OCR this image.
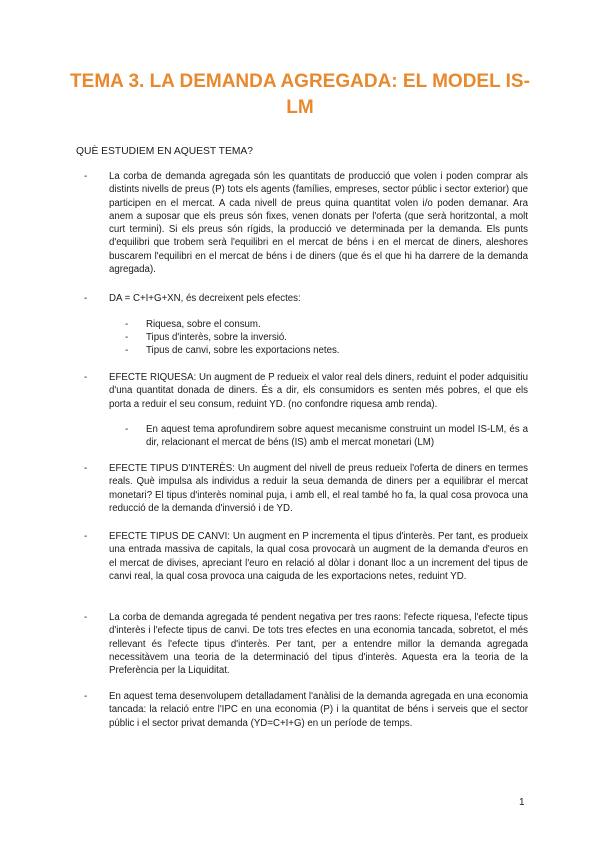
TEMA 3. LA DEMANDA AGREGADA: EL MODEL IS-LM
QUÈ ESTUDIEM EN AQUEST TEMA?
- La corba de demanda agregada són les quantitats de producció que volen i poden comprar als distints nivells de preus (P) tots els agents (famílies, empreses, sector públic i sector exterior) que participen en el mercat. A cada nivell de preus quina quantitat volen i/o poden demanar. Ara anem a suposar que els preus són fixes, venen donats per l'oferta (que serà horitzontal, a molt curt termini). Si els preus són rígids, la producció ve determinada per la demanda. Els punts d'equilibri que trobem serà l'equilibri en el mercat de béns i en el mercat de diners, aleshores buscarem l'equilibri en el mercat de béns i de diners (que és el que hi ha darrere de la demanda agregada).
- DA = C+I+G+XN, és decreixent pels efectes:
- Riquesa, sobre el consum.
- Tipus d'interès, sobre la inversió.
- Tipus de canvi, sobre les exportacions netes.
- EFECTE RIQUESA: Un augment de P redueix el valor real dels diners, reduint el poder adquisitiu d'una quantitat donada de diners. És a dir, els consumidors es senten més pobres, el que els porta a reduir el seu consum, reduint YD. (no confondre riquesa amb renda).
- En aquest tema aprofundirem sobre aquest mecanisme construint un model IS-LM, és a dir, relacionant el mercat de béns (IS) amb el mercat monetari (LM)
- EFECTE TIPUS D'INTERÈS: Un augment del nivell de preus redueix l'oferta de diners en termes reals. Què impulsa als individus a reduir la seua demanda de diners per a equilibrar el mercat monetari? El tipus d'interès nominal puja, i amb ell, el real també ho fa, la qual cosa provoca una reducció de la demanda d'inversió i de YD.
- EFECTE TIPUS DE CANVI: Un augment en P incrementa el tipus d'interès. Per tant, es produeix una entrada massiva de capitals, la qual cosa provocarà un augment de la demanda d'euros en el mercat de divises, apreciant l'euro en relació al dòlar i donant lloc a un increment del tipus de canvi real, la qual cosa provoca una caiguda de les exportacions netes, reduint YD.
- La corba de demanda agregada té pendent negativa per tres raons: l'efecte riquesa, l'efecte tipus d'interès i l'efecte tipus de canvi. De tots tres efectes en una economia tancada, sobretot, el més rellevant és l'efecte tipus d'interès. Per tant, per a entendre millor la demanda agregada necessitàvem una teoria de la determinació del tipus d'interès. Aquesta era la teoria de la Preferència per la Liquiditat.
- En aquest tema desenvolupem detalladament l'anàlisi de la demanda agregada en una economia tancada: la relació entre l'IPC en una economia (P) i la quantitat de béns i serveis que el sector públic i el sector privat demanda (YD=C+I+G) en un període de temps.
1
